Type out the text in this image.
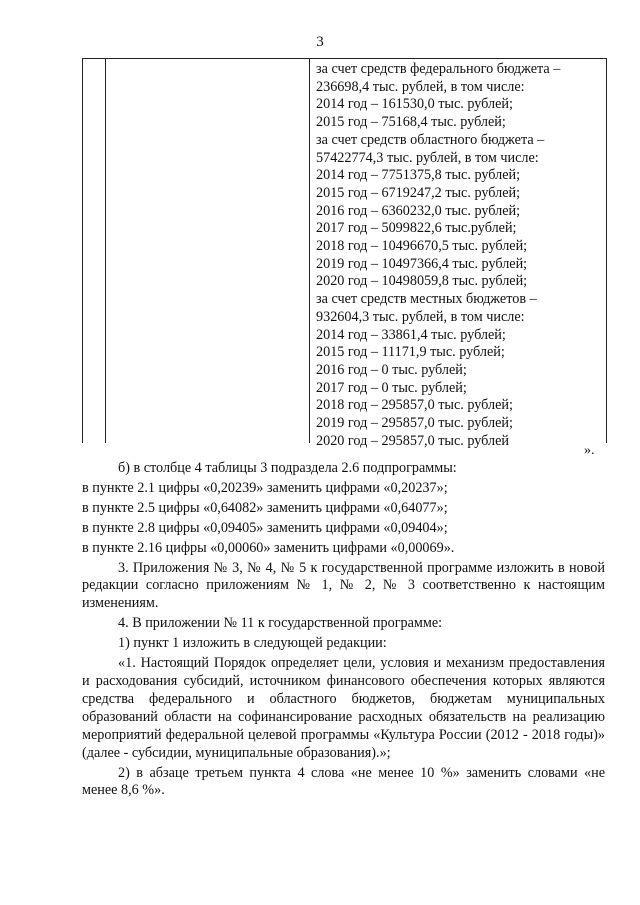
3
за счет средств федерального бюджета –
236698,4 тыс. рублей, в том числе:
2014 год – 161530,0 тыс. рублей;
2015 год – 75168,4 тыс. рублей;
за счет средств областного бюджета –
57422774,3 тыс. рублей, в том числе:
2014 год – 7751375,8 тыс. рублей;
2015 год – 6719247,2 тыс. рублей;
2016 год – 6360232,0 тыс. рублей;
2017 год – 5099822,6 тыс.рублей;
2018 год – 10496670,5 тыс. рублей;
2019 год – 10497366,4 тыс. рублей;
2020 год – 10498059,8 тыс. рублей;
за счет средств местных бюджетов –
932604,3 тыс. рублей, в том числе:
2014 год – 33861,4 тыс. рублей;
2015 год – 11171,9 тыс. рублей;
2016 год – 0 тыс. рублей;
2017 год – 0 тыс. рублей;
2018 год – 295857,0 тыс. рублей;
2019 год – 295857,0 тыс. рублей;
2020 год – 295857,0 тыс. рублей
».

б) в столбце 4 таблицы 3 подраздела 2.6 подпрограммы:

в пункте 2.1 цифры «0,20239» заменить цифрами «0,20237»;

в пункте 2.5 цифры «0,64082» заменить цифрами «0,64077»;

в пункте 2.8 цифры «0,09405» заменить цифрами «0,09404»;

в пункте 2.16 цифры «0,00060» заменить цифрами «0,00069».

3. Приложения № 3, № 4, № 5 к государственной программе изложить в новой редакции согласно приложениям № 1, № 2, № 3 соответственно к настоящим изменениям.

4. В приложении № 11 к государственной программе:

1) пункт 1 изложить в следующей редакции:

«1. Настоящий Порядок определяет цели, условия и механизм предоставления и расходования субсидий, источником финансового обеспечения которых являются средства федерального и областного бюджетов, бюджетам муниципальных образований области на софинансирование расходных обязательств на реализацию мероприятий федеральной целевой программы «Культура России (2012 - 2018 годы)» (далее - субсидии, муниципальные образования).»;

2) в абзаце третьем пункта 4 слова «не менее 10 %» заменить словами «не менее 8,6 %».
